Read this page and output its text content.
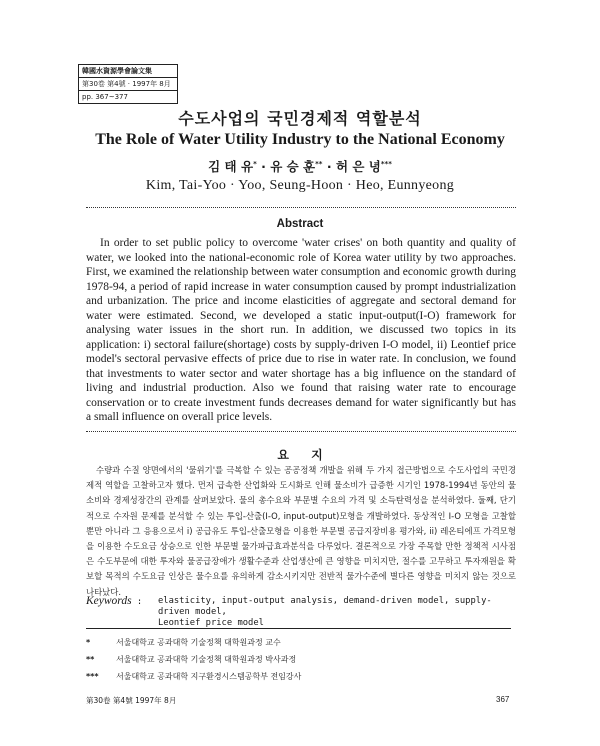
韓國水資源學會論文集
第30卷 第4號 · 1997年 8月
pp. 367~377
수도사업의 국민경제적 역할분석
The Role of Water Utility Industry to the National Economy
김 태 유* · 유 승 훈** · 허 은 녕***
Kim, Tai-Yoo · Yoo, Seung-Hoon · Heo, Eunnyeong
Abstract
In order to set public policy to overcome 'water crises' on both quantity and quality of water, we looked into the national-economic role of Korea water utility by two approaches. First, we examined the relationship between water consumption and economic growth during 1978-94, a period of rapid increase in water consumption caused by prompt industrialization and urbanization. The price and income elasticities of aggregate and sectoral demand for water were estimated. Second, we developed a static input-output(I-O) framework for analysing water issues in the short run. In addition, we discussed two topics in its application: i) sectoral failure(shortage) costs by supply-driven I-O model, ii) Leontief price model's sectoral pervasive effects of price due to rise in water rate. In conclusion, we found that investments to water sector and water shortage has a big influence on the standard of living and industrial production. Also we found that raising water rate to encourage conservation or to create investment funds decreases demand for water significantly but has a small influence on overall price levels.
요 지
수량과 수질 양면에서의 '물위기'를 극복할 수 있는 공공정책 개발을 위해 두 가지 접근방법으로 수도사업의 국민경제적 역할을 고찰하고자 했다. 먼저 급속한 산업화와 도시화로 인해 물소비가 급증한 시기인 1978-1994년 동안의 물소비와 경제성장간의 관계를 살펴보았다. 물의 총수요와 부문별 수요의 가격 및 소득탄력성을 분석하였다. 둘째, 단기적으로 수자원 문제를 분석할 수 있는 투입-산출(I-O, input-output)모형을 개발하였다. 동상적인 I-O 모형을 고찰할 뿐만 아니라 그 응용으로서 i) 공급유도 투입-산출모형을 이용한 부문별 공급지장비용 평가와, ii) 레온티에프 가격모형을 이용한 수도요금 상승으로 인한 부문별 물가파급효과분석을 다루었다. 결론적으로 가장 주목할 만한 정책적 시사점은 수도부문에 대한 투자와 물공급장애가 생활수준과 산업생산에 큰 영향을 미치지만, 절수를 고무하고 투자재원을 확보할 목적의 수도요금 인상은 물수요를 유의하게 감소시키지만 전반적 물가수준에 별다른 영향을 미치지 않는 것으로 나타났다.
Keywords :	elasticity, input-output analysis, demand-driven model, supply-driven model,
Leontief price model
*	서울대학교 공과대학 기술정책 대학원과정 교수
**	서울대학교 공과대학 기술정책 대학원과정 박사과정
***	서울대학교 공과대학 지구환경시스템공학부 전임강사
第30卷 第4號 1997年 8月	367
